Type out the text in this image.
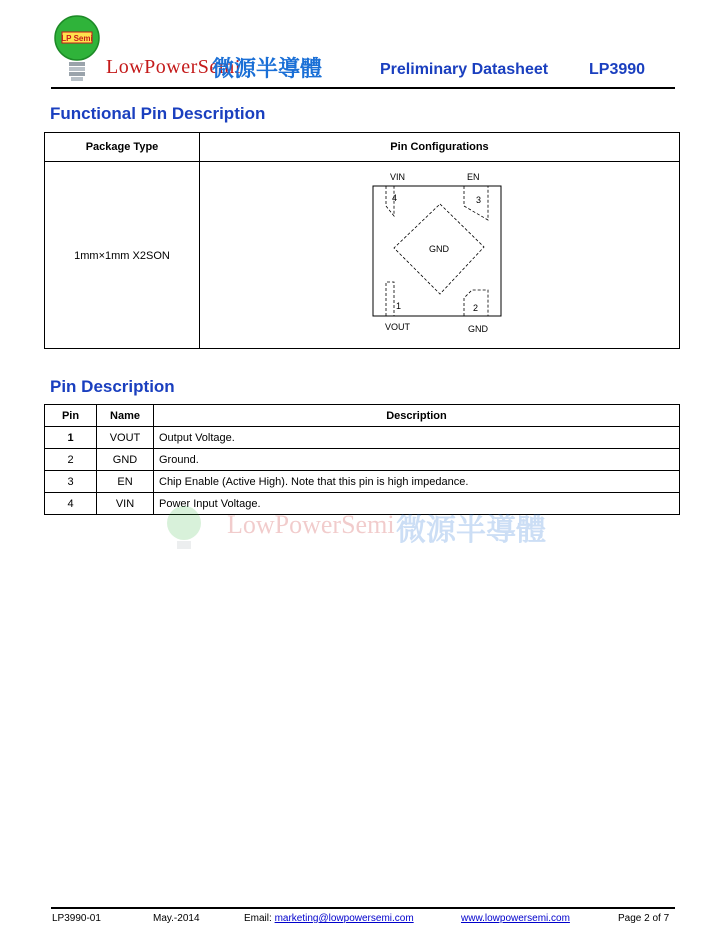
LP Semi
LowPowerSemi
微源半導體	Preliminary Datasheet	LP3990
Functional Pin Description
Package Type	Pin Configurations
1mm×1mm X2SON
VIN	EN
4	3
GND
1	2
VOUT	GND
Pin Description
Pin	Name	Description
1	VOUT	Output Voltage.
2	GND	Ground.
3	EN	Chip Enable (Active High). Note that this pin is high impedance.
4	VIN	Power Input Voltage.
LowPowerSemi 微源半導體
LP3990-01	May.-2014	Email: marketing@lowpowersemi.com	www.lowpowersemi.com	Page 2 of 7
